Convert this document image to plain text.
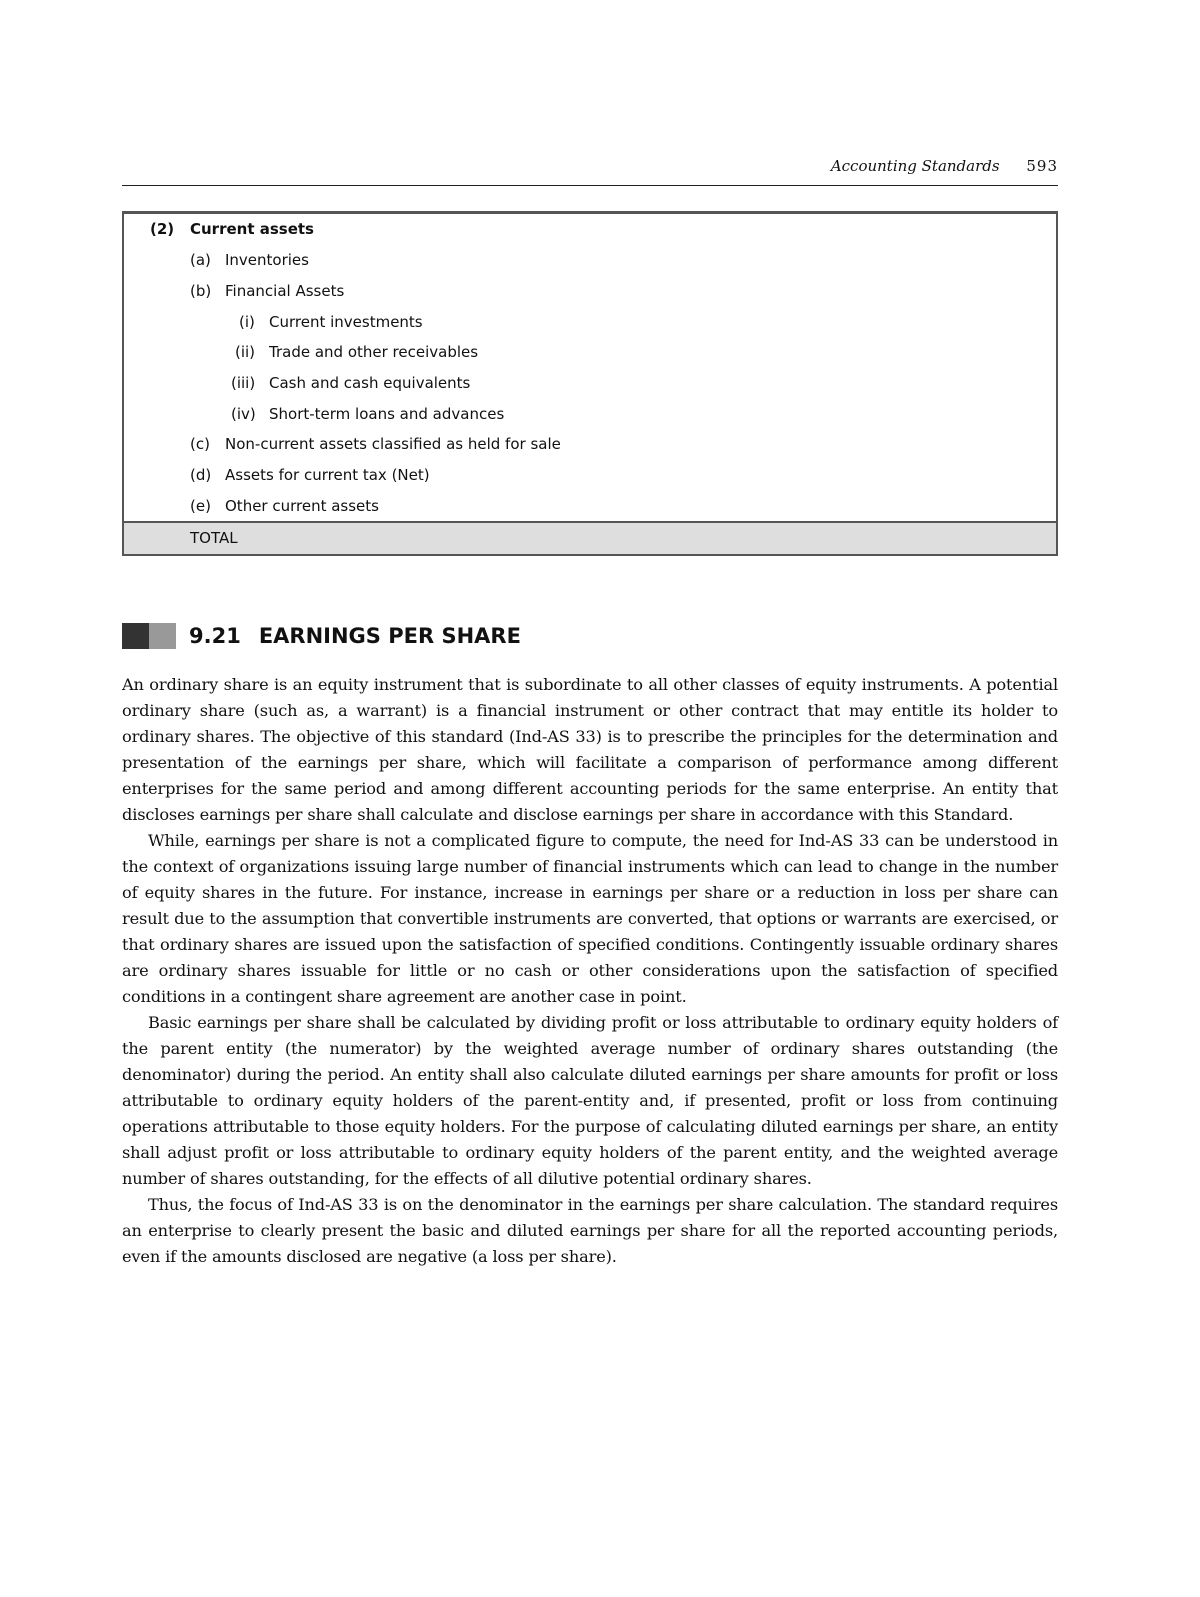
Accounting Standards 593
(2) Current assets
(a) Inventories
(b) Financial Assets
(i) Current investments
(ii) Trade and other receivables
(iii) Cash and cash equivalents
(iv) Short-term loans and advances
(c) Non-current assets classified as held for sale
(d) Assets for current tax (Net)
(e) Other current assets
TOTAL
9.21 EARNINGS PER SHARE

An ordinary share is an equity instrument that is subordinate to all other classes of equity instruments. A potential ordinary share (such as, a warrant) is a financial instrument or other contract that may entitle its holder to ordinary shares. The objective of this standard (Ind-AS 33) is to prescribe the principles for the determination and presentation of the earnings per share, which will facilitate a comparison of performance among different enterprises for the same period and among different accounting periods for the same enterprise. An entity that discloses earnings per share shall calculate and disclose earnings per share in accordance with this Standard.

While, earnings per share is not a complicated figure to compute, the need for Ind-AS 33 can be understood in the context of organizations issuing large number of financial instruments which can lead to change in the number of equity shares in the future. For instance, increase in earnings per share or a reduction in loss per share can result due to the assumption that convertible instruments are converted, that options or warrants are exercised, or that ordinary shares are issued upon the satisfaction of specified conditions. Contingently issuable ordinary shares are ordinary shares issuable for little or no cash or other considerations upon the satisfaction of specified conditions in a contingent share agreement are another case in point.

Basic earnings per share shall be calculated by dividing profit or loss attributable to ordinary equity holders of the parent entity (the numerator) by the weighted average number of ordinary shares outstanding (the denominator) during the period. An entity shall also calculate diluted earnings per share amounts for profit or loss attributable to ordinary equity holders of the parent-entity and, if presented, profit or loss from continuing operations attributable to those equity holders. For the purpose of calculating diluted earnings per share, an entity shall adjust profit or loss attributable to ordinary equity holders of the parent entity, and the weighted average number of shares outstanding, for the effects of all dilutive potential ordinary shares.

Thus, the focus of Ind-AS 33 is on the denominator in the earnings per share calculation. The standard requires an enterprise to clearly present the basic and diluted earnings per share for all the reported accounting periods, even if the amounts disclosed are negative (a loss per share).
